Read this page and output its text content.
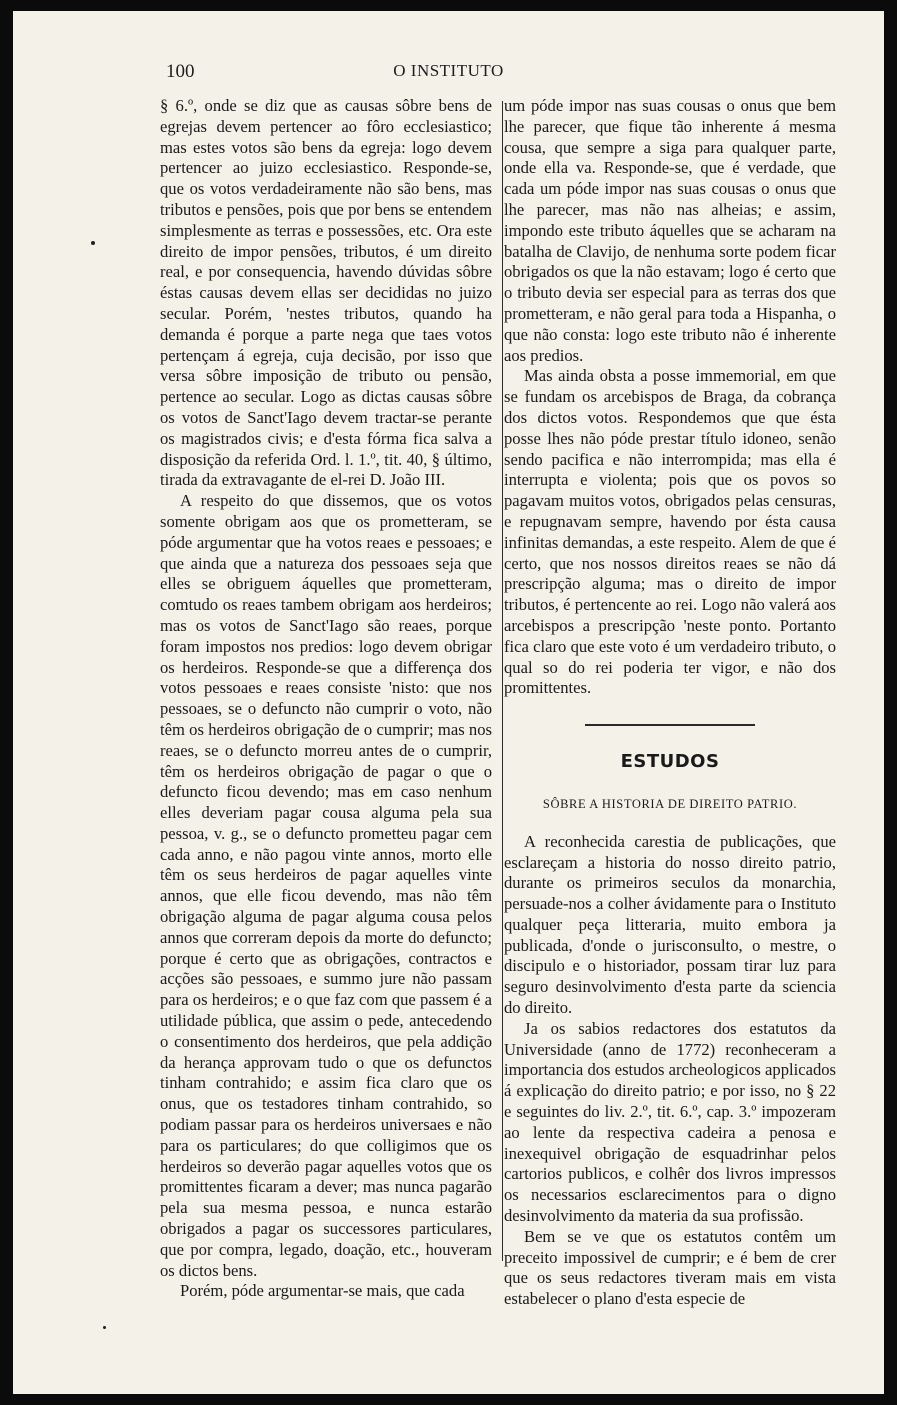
100	O INSTITUTO

§ 6.º, onde se diz que as causas sôbre bens de egrejas devem pertencer ao fôro ecclesiastico; mas estes votos são bens da egreja: logo devem pertencer ao juizo ecclesiastico. Responde-se, que os votos verdadeiramente não são bens, mas tributos e pensões, pois que por bens se entendem simplesmente as terras e possessões, etc. Ora este direito de impor pensões, tributos, é um direito real, e por consequencia, havendo dúvidas sôbre éstas causas devem ellas ser decididas no juizo secular. Porém, 'nestes tributos, quando ha demanda é porque a parte nega que taes votos pertençam á egreja, cuja decisão, por isso que versa sôbre imposição de tributo ou pensão, pertence ao secular. Logo as dictas causas sôbre os votos de Sanct'Iago devem tractar-se perante os magistrados civis; e d'esta fórma fica salva a disposição da referida Ord. l. 1.º, tit. 40, § último, tirada da extravagante de el-rei D. João III.

A respeito do que dissemos, que os votos somente obrigam aos que os prometteram, se póde argumentar que ha votos reaes e pessoaes; e que ainda que a natureza dos pessoaes seja que elles se obriguem áquelles que prometteram, comtudo os reaes tambem obrigam aos herdeiros; mas os votos de Sanct'Iago são reaes, porque foram impostos nos predios: logo devem obrigar os herdeiros. Responde-se que a differença dos votos pessoaes e reaes consiste 'nisto: que nos pessoaes, se o defuncto não cumprir o voto, não têm os herdeiros obrigação de o cumprir; mas nos reaes, se o defuncto morreu antes de o cumprir, têm os herdeiros obrigação de pagar o que o defuncto ficou devendo; mas em caso nenhum elles deveriam pagar cousa alguma pela sua pessoa, v. g., se o defuncto prometteu pagar cem cada anno, e não pagou vinte annos, morto elle têm os seus herdeiros de pagar aquelles vinte annos, que elle ficou devendo, mas não têm obrigação alguma de pagar alguma cousa pelos annos que correram depois da morte do defuncto; porque é certo que as obrigações, contractos e acções são pessoaes, e summo jure não passam para os herdeiros; e o que faz com que passem é a utilidade pública, que assim o pede, antecedendo o consentimento dos herdeiros, que pela addição da herança approvam tudo o que os defunctos tinham contrahido; e assim fica claro que os onus, que os testadores tinham contrahido, so podiam passar para os herdeiros universaes e não para os particulares; do que colligimos que os herdeiros so deverão pagar aquelles votos que os promittentes ficaram a dever; mas nunca pagarão pela sua mesma pessoa, e nunca estarão obrigados a pagar os successores particulares, que por compra, legado, doação, etc., houveram os dictos bens.

Porém, póde argumentar-se mais, que cada

um póde impor nas suas cousas o onus que bem lhe parecer, que fique tão inherente á mesma cousa, que sempre a siga para qualquer parte, onde ella va. Responde-se, que é verdade, que cada um póde impor nas suas cousas o onus que lhe parecer, mas não nas alheias; e assim, impondo este tributo áquelles que se acharam na batalha de Clavijo, de nenhuma sorte podem ficar obrigados os que la não estavam; logo é certo que o tributo devia ser especial para as terras dos que prometteram, e não geral para toda a Hispanha, o que não consta: logo este tributo não é inherente aos predios.

Mas ainda obsta a posse immemorial, em que se fundam os arcebispos de Braga, da cobrança dos dictos votos. Respondemos que que ésta posse lhes não póde prestar título idoneo, senão sendo pacifica e não interrompida; mas ella é interrupta e violenta; pois que os povos so pagavam muitos votos, obrigados pelas censuras, e repugnavam sempre, havendo por ésta causa infinitas demandas, a este respeito. Alem de que é certo, que nos nossos direitos reaes se não dá prescripção alguma; mas o direito de impor tributos, é pertencente ao rei. Logo não valerá aos arcebispos a prescripção 'neste ponto. Portanto fica claro que este voto é um verdadeiro tributo, o qual so do rei poderia ter vigor, e não dos promittentes.

ESTUDOS
SÔBRE A HISTORIA DE DIREITO PATRIO.

A reconhecida carestia de publicações, que esclareçam a historia do nosso direito patrio, durante os primeiros seculos da monarchia, persuade-nos a colher ávidamente para o Instituto qualquer peça litteraria, muito embora ja publicada, d'onde o jurisconsulto, o mestre, o discipulo e o historiador, possam tirar luz para seguro desinvolvimento d'esta parte da sciencia do direito.

Ja os sabios redactores dos estatutos da Universidade (anno de 1772) reconheceram a importancia dos estudos archeologicos applicados á explicação do direito patrio; e por isso, no § 22 e seguintes do liv. 2.º, tit. 6.º, cap. 3.º impozeram ao lente da respectiva cadeira a penosa e inexequivel obrigação de esquadrinhar pelos cartorios publicos, e colhêr dos livros impressos os necessarios esclarecimentos para o digno desinvolvimento da materia da sua profissão.

Bem se ve que os estatutos contêm um preceito impossivel de cumprir; e é bem de crer que os seus redactores tiveram mais em vista estabelecer o plano d'esta especie de
